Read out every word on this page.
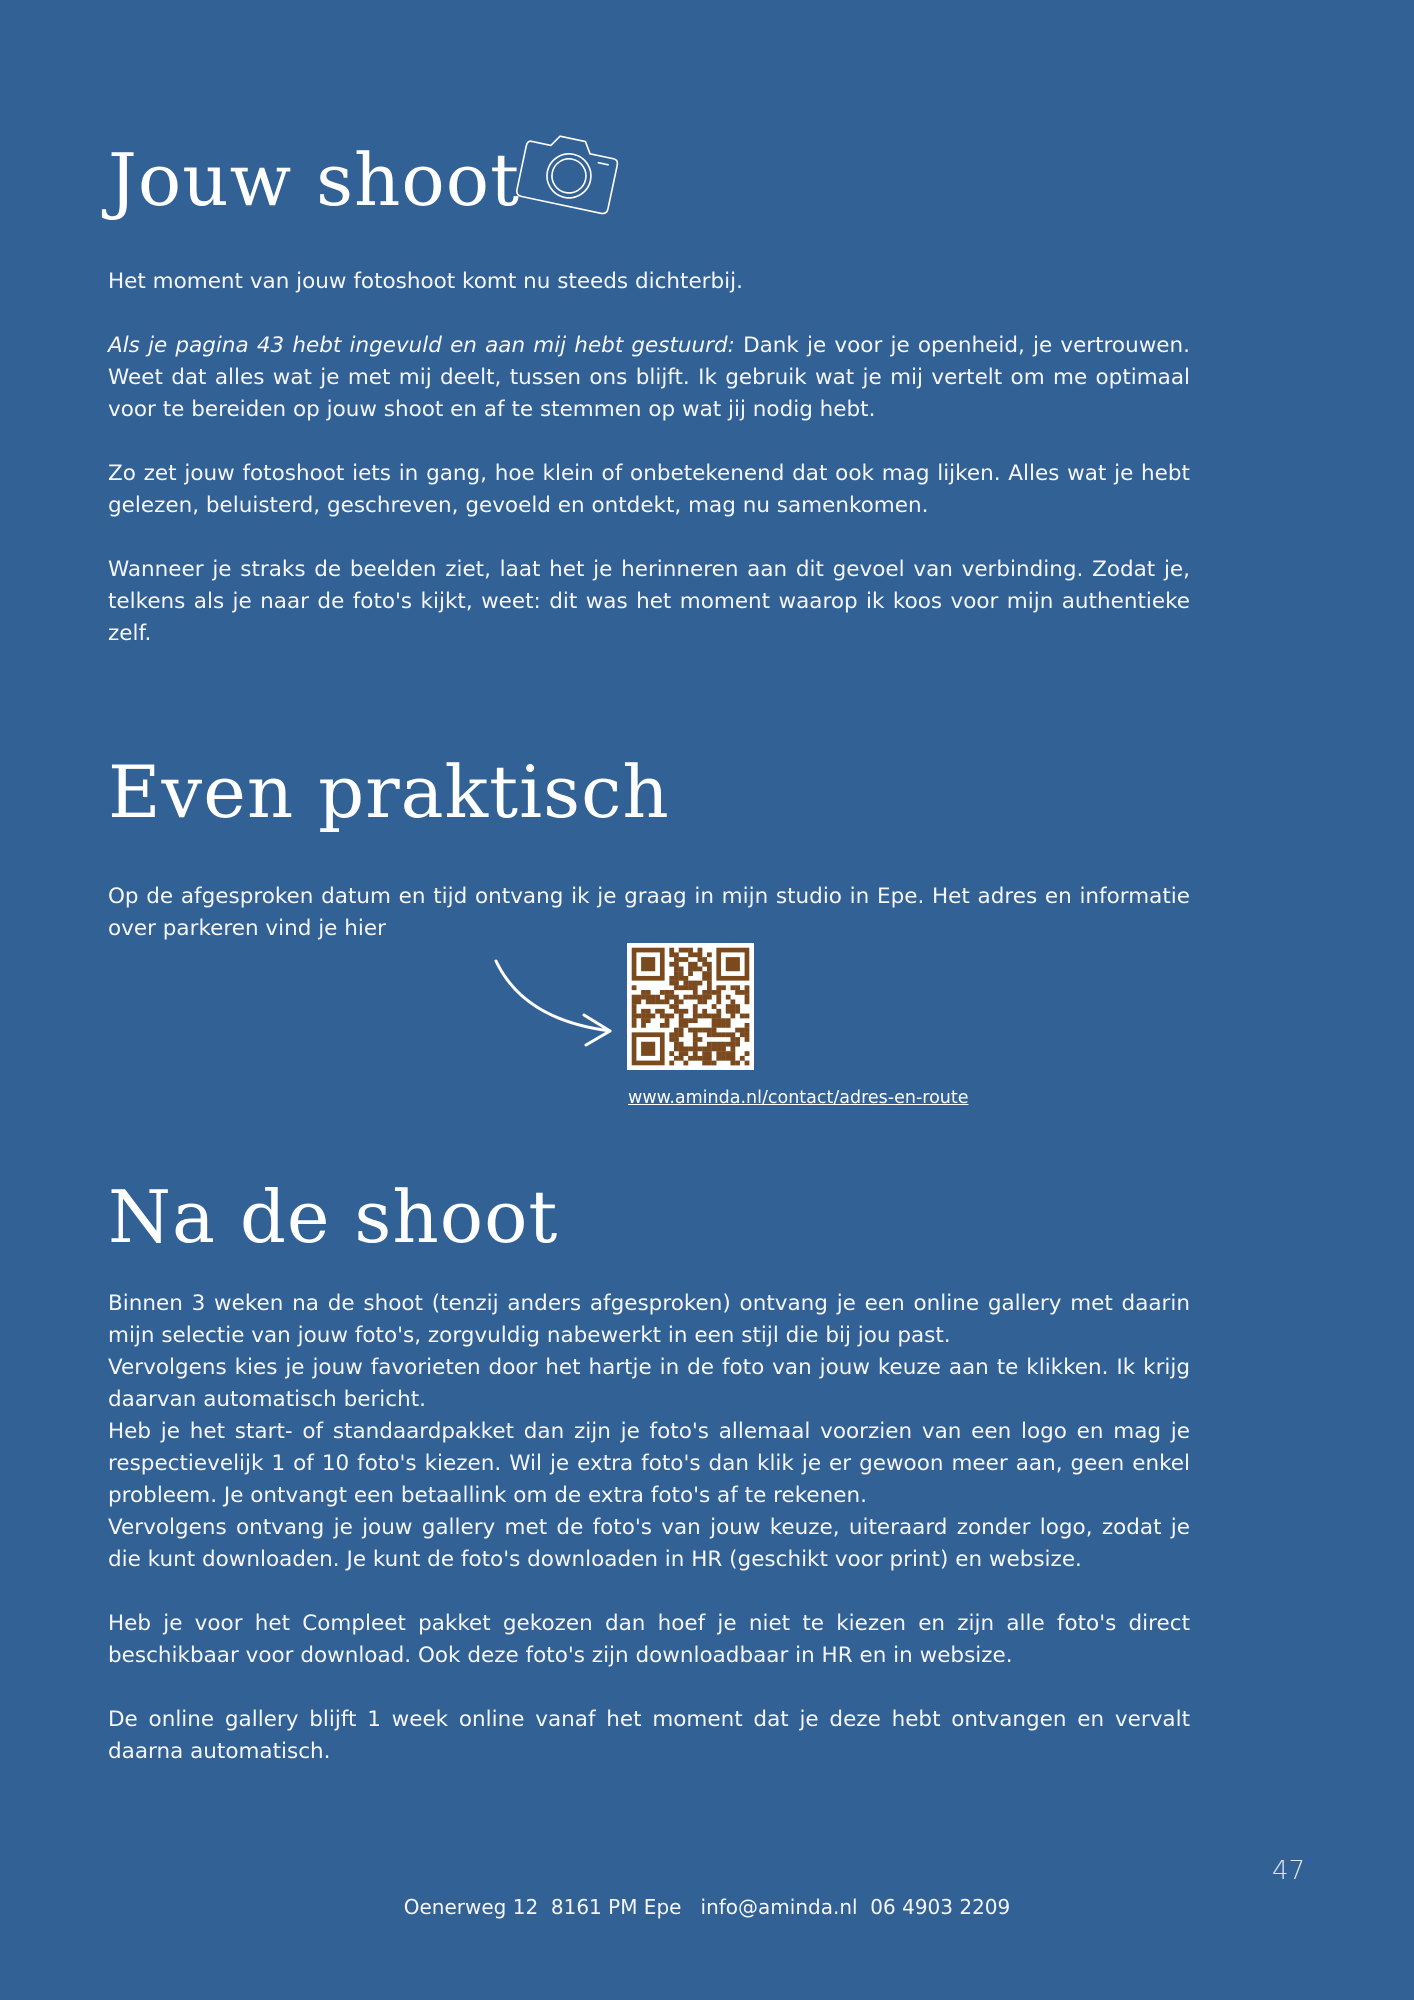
Jouw shoot

Het moment van jouw fotoshoot komt nu steeds dichterbij.

Als je pagina 43 hebt ingevuld en aan mij hebt gestuurd: Dank je voor je openheid, je vertrouwen. Weet dat alles wat je met mij deelt, tussen ons blijft. Ik gebruik wat je mij vertelt om me optimaal voor te bereiden op jouw shoot en af te stemmen op wat jij nodig hebt.

Zo zet jouw fotoshoot iets in gang, hoe klein of onbetekenend dat ook mag lijken. Alles wat je hebt gelezen, beluisterd, geschreven, gevoeld en ontdekt, mag nu samenkomen.

Wanneer je straks de beelden ziet, laat het je herinneren aan dit gevoel van verbinding. Zodat je, telkens als je naar de foto's kijkt, weet: dit was het moment waarop ik koos voor mijn authentieke zelf.

Even praktisch

Op de afgesproken datum en tijd ontvang ik je graag in mijn studio in Epe. Het adres en informatie over parkeren vind je hier

www.aminda.nl/contact/adres-en-route
Na de shoot

Binnen 3 weken na de shoot (tenzij anders afgesproken) ontvang je een online gallery met daarin mijn selectie van jouw foto's, zorgvuldig nabewerkt in een stijl die bij jou past.

Vervolgens kies je jouw favorieten door het hartje in de foto van jouw keuze aan te klikken. Ik krijg daarvan automatisch bericht.

Heb je het start- of standaardpakket dan zijn je foto's allemaal voorzien van een logo en mag je respectievelijk 1 of 10 foto's kiezen. Wil je extra foto's dan klik je er gewoon meer aan, geen enkel probleem. Je ontvangt een betaallink om de extra foto's af te rekenen.

Vervolgens ontvang je jouw gallery met de foto's van jouw keuze, uiteraard zonder logo, zodat je die kunt downloaden. Je kunt de foto's downloaden in HR (geschikt voor print) en websize.

Heb je voor het Compleet pakket gekozen dan hoef je niet te kiezen en zijn alle foto's direct beschikbaar voor download. Ook deze foto's zijn downloadbaar in HR en in websize.

De online gallery blijft 1 week online vanaf het moment dat je deze hebt ontvangen en vervalt daarna automatisch.

47
Oenerweg 12  8161 PM Epe info@aminda.nl 06 4903 2209
